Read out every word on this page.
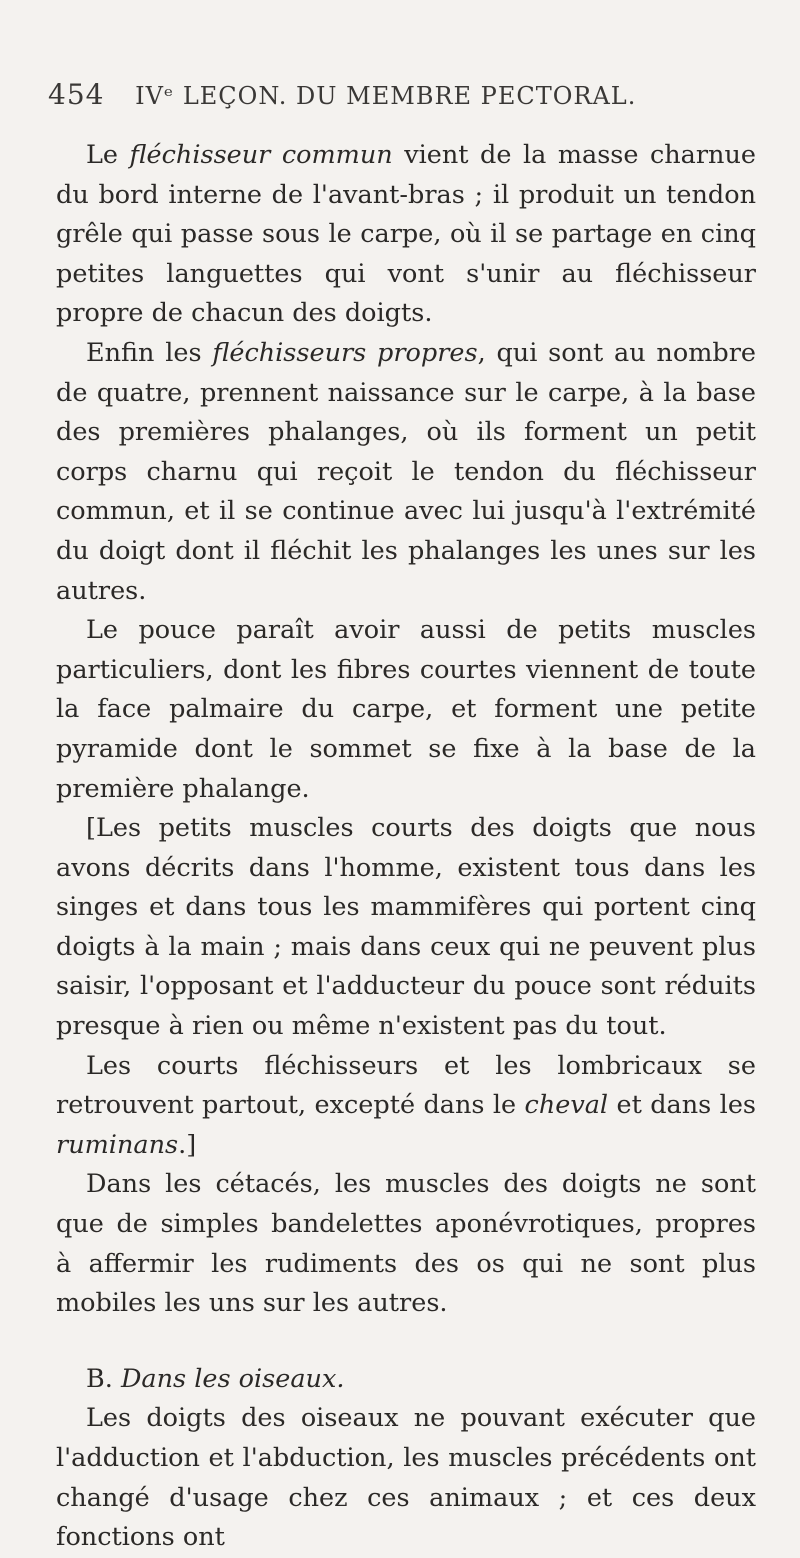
454 IVᵉ LEÇON. DU MEMBRE PECTORAL.

Le fléchisseur commun vient de la masse charnue du bord interne de l'avant-bras ; il produit un tendon grêle qui passe sous le carpe, où il se partage en cinq petites languettes qui vont s'unir au fléchisseur propre de chacun des doigts.

Enfin les fléchisseurs propres, qui sont au nombre de quatre, prennent naissance sur le carpe, à la base des premières phalanges, où ils forment un petit corps charnu qui reçoit le tendon du fléchisseur commun, et il se continue avec lui jusqu'à l'extrémité du doigt dont il fléchit les phalanges les unes sur les autres.

Le pouce paraît avoir aussi de petits muscles particuliers, dont les fibres courtes viennent de toute la face palmaire du carpe, et forment une petite pyramide dont le sommet se fixe à la base de la première phalange.

[Les petits muscles courts des doigts que nous avons décrits dans l'homme, existent tous dans les singes et dans tous les mammifères qui portent cinq doigts à la main ; mais dans ceux qui ne peuvent plus saisir, l'opposant et l'adducteur du pouce sont réduits presque à rien ou même n'existent pas du tout.

Les courts fléchisseurs et les lombricaux se retrouvent partout, excepté dans le cheval et dans les ruminans.]

Dans les cétacés, les muscles des doigts ne sont que de simples bandelettes aponévrotiques, propres à affermir les rudiments des os qui ne sont plus mobiles les uns sur les autres.

B. Dans les oiseaux.

Les doigts des oiseaux ne pouvant exécuter que l'adduction et l'abduction, les muscles précédents ont changé d'usage chez ces animaux ; et ces deux fonctions ont
